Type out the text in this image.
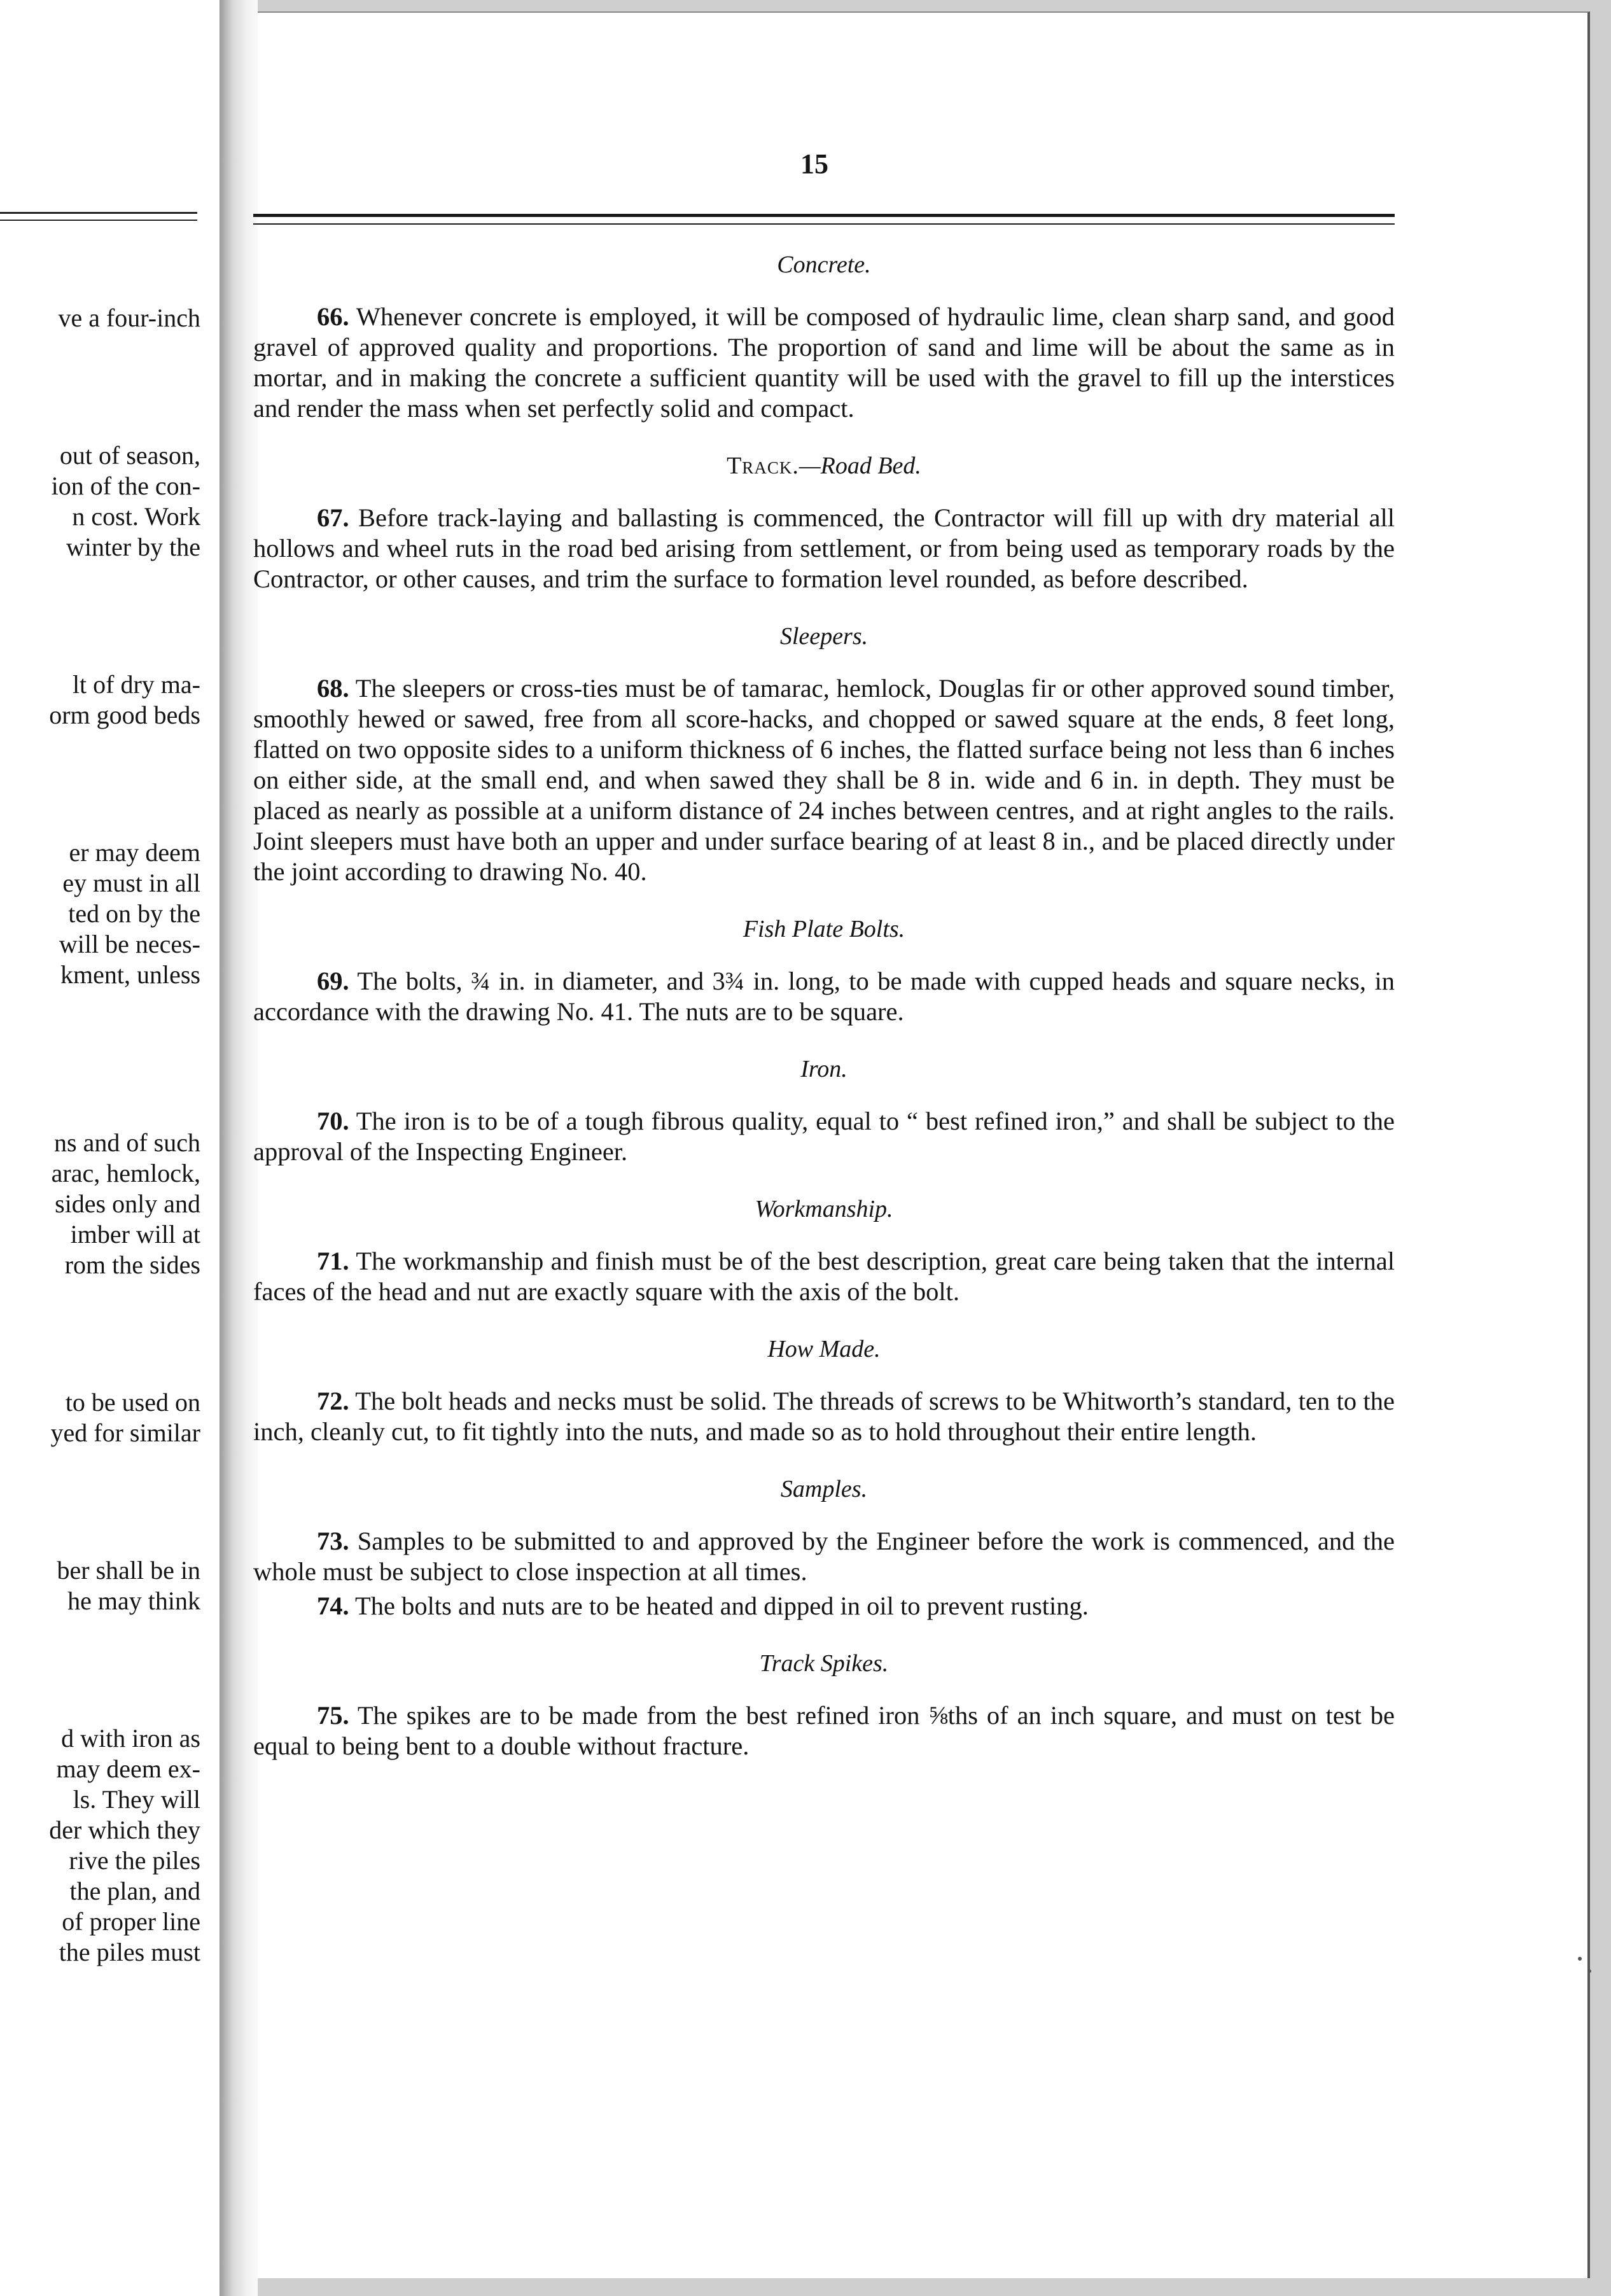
ve a four-inch
out of season,
ion of the con-
n cost. Work
winter by the
lt of dry ma-
orm good beds
er may deem
ey must in all
ted on by the
will be neces-
kment, unless
ns and of such
arac, hemlock,
sides only and
imber will at
rom the sides
to be used on
yed for similar
ber shall be in
he may think
d with iron as
may deem ex-
ls. They will
der which they
rive the piles
the plan, and
of proper line
the piles must
15
Concrete.
66. Whenever concrete is employed, it will be composed of hydraulic lime, clean sharp sand, and good gravel of approved quality and proportions. The proportion of sand and lime will be about the same as in mortar, and in making the concrete a sufficient quantity will be used with the gravel to fill up the interstices and render the mass when set perfectly solid and compact.
Track.—Road Bed.
67. Before track-laying and ballasting is commenced, the Contractor will fill up with dry material all hollows and wheel ruts in the road bed arising from settlement, or from being used as temporary roads by the Contractor, or other causes, and trim the surface to formation level rounded, as before described.
Sleepers.
68. The sleepers or cross-ties must be of tamarac, hemlock, Douglas fir or other approved sound timber, smoothly hewed or sawed, free from all score-hacks, and chopped or sawed square at the ends, 8 feet long, flatted on two opposite sides to a uniform thickness of 6 inches, the flatted surface being not less than 6 inches on either side, at the small end, and when sawed they shall be 8 in. wide and 6 in. in depth. They must be placed as nearly as possible at a uniform distance of 24 inches between centres, and at right angles to the rails. Joint sleepers must have both an upper and under surface bearing of at least 8 in., and be placed directly under the joint according to drawing No. 40.
Fish Plate Bolts.
69. The bolts, ¾ in. in diameter, and 3¾ in. long, to be made with cupped heads and square necks, in accordance with the drawing No. 41. The nuts are to be square.
Iron.
70. The iron is to be of a tough fibrous quality, equal to “ best refined iron,” and shall be subject to the approval of the Inspecting Engineer.
Workmanship.
71. The workmanship and finish must be of the best description, great care being taken that the internal faces of the head and nut are exactly square with the axis of the bolt.
How Made.
72. The bolt heads and necks must be solid. The threads of screws to be Whitworth’s standard, ten to the inch, cleanly cut, to fit tightly into the nuts, and made so as to hold throughout their entire length.
Samples.
73. Samples to be submitted to and approved by the Engineer before the work is commenced, and the whole must be subject to close inspection at all times.
74. The bolts and nuts are to be heated and dipped in oil to prevent rusting.
Track Spikes.
75. The spikes are to be made from the best refined iron ⅝ths of an inch square, and must on test be equal to being bent to a double without fracture.
